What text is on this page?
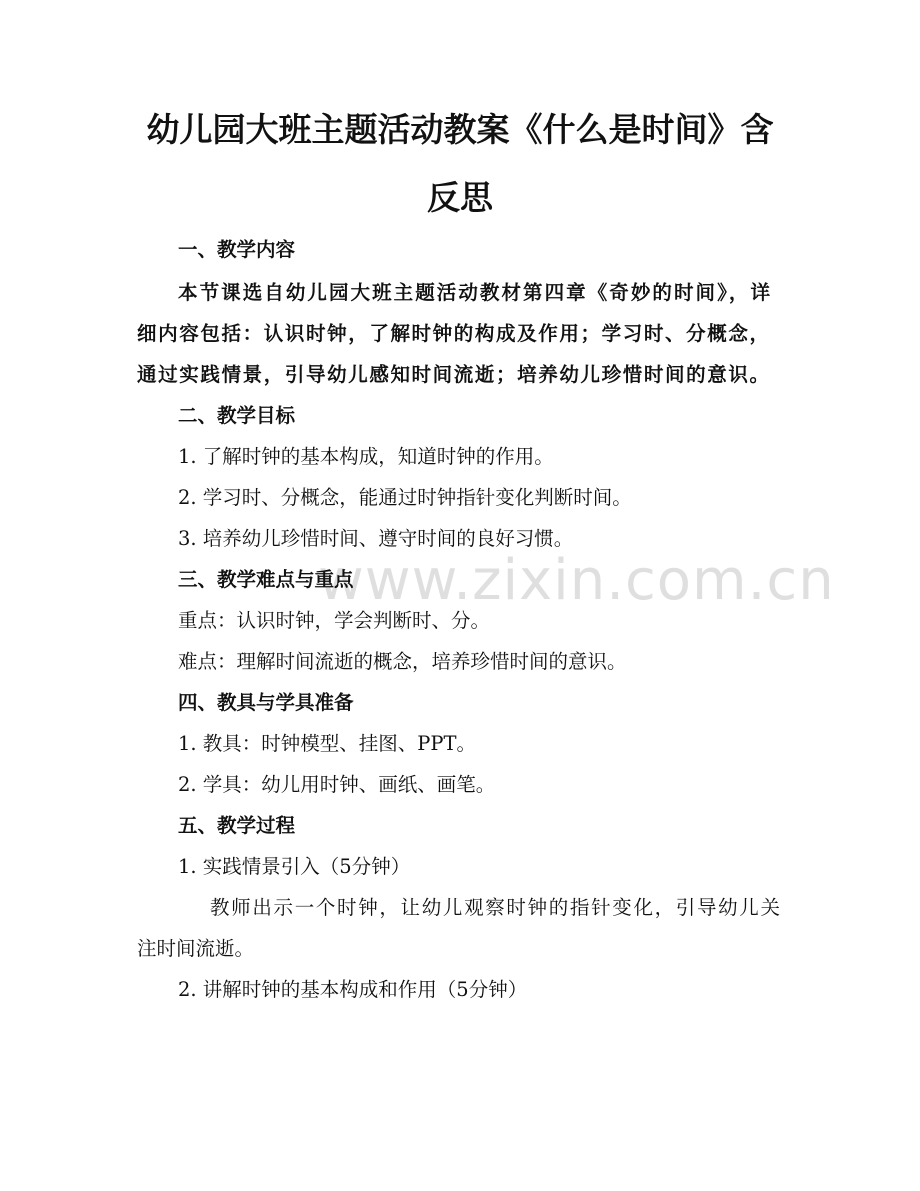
www.zixin.com.cn
幼儿园大班主题活动教案《什么是时间》含
反思
一、教学内容
本节课选自幼儿园大班主题活动教材第四章《奇妙的时间》，详
细内容包括：认识时钟，了解时钟的构成及作用；学习时、分概念，
通过实践情景，引导幼儿感知时间流逝；培养幼儿珍惜时间的意识。
二、教学目标
1. 了解时钟的基本构成，知道时钟的作用。
2. 学习时、分概念，能通过时钟指针变化判断时间。
3. 培养幼儿珍惜时间、遵守时间的良好习惯。
三、教学难点与重点
重点：认识时钟，学会判断时、分。
难点：理解时间流逝的概念，培养珍惜时间的意识。
四、教具与学具准备
1. 教具：时钟模型、挂图、PPT。
2. 学具：幼儿用时钟、画纸、画笔。
五、教学过程
1. 实践情景引入（5分钟）
教师出示一个时钟，让幼儿观察时钟的指针变化，引导幼儿关
注时间流逝。
2. 讲解时钟的基本构成和作用（5分钟）
